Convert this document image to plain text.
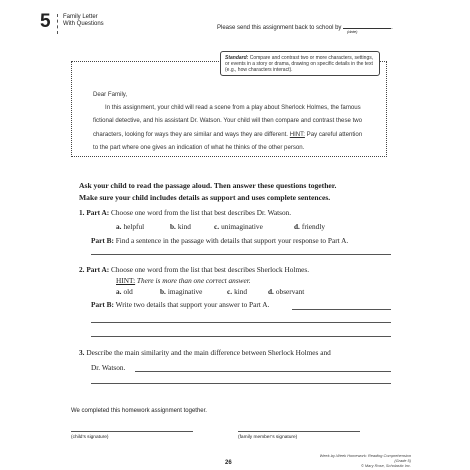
5 Family Letter
With Questions
Please send this assignment back to school by	.
(date)
Standard: Compare and contrast two or more characters, settings, or events in a story or drama, drawing on specific details in the text (e.g., how characters interact).

Dear Family,

In this assignment, your child will read a scene from a play about Sherlock Holmes, the famous fictional detective, and his assistant Dr. Watson. Your child will then compare and contrast these two characters, looking for ways they are similar and ways they are different. HINT: Pay careful attention to the part where one gives an indication of what he thinks of the other person.

Ask your child to read the passage aloud. Then answer these questions together.
Make sure your child includes details as support and uses complete sentences.
1. Part A: Choose one word from the list that best describes Dr. Watson.
a. helpful	b. kind	c. unimaginative	d. friendly
Part B: Find a sentence in the passage with details that support your response to Part A.
2. Part A: Choose one word from the list that best describes Sherlock Holmes.
HINT: There is more than one correct answer.
a. old	b. imaginative	c. kind	d. observant
Part B: Write two details that support your answer to Part A.
3. Describe the main similarity and the main difference between Sherlock Holmes and
Dr. Watson.
We completed this homework assignment together.
(child’s signature)	(family member’s signature)
26
Week-by-Week Homework: Reading Comprehension (Grade 5)
© Mary Rose, Scholastic Inc.
